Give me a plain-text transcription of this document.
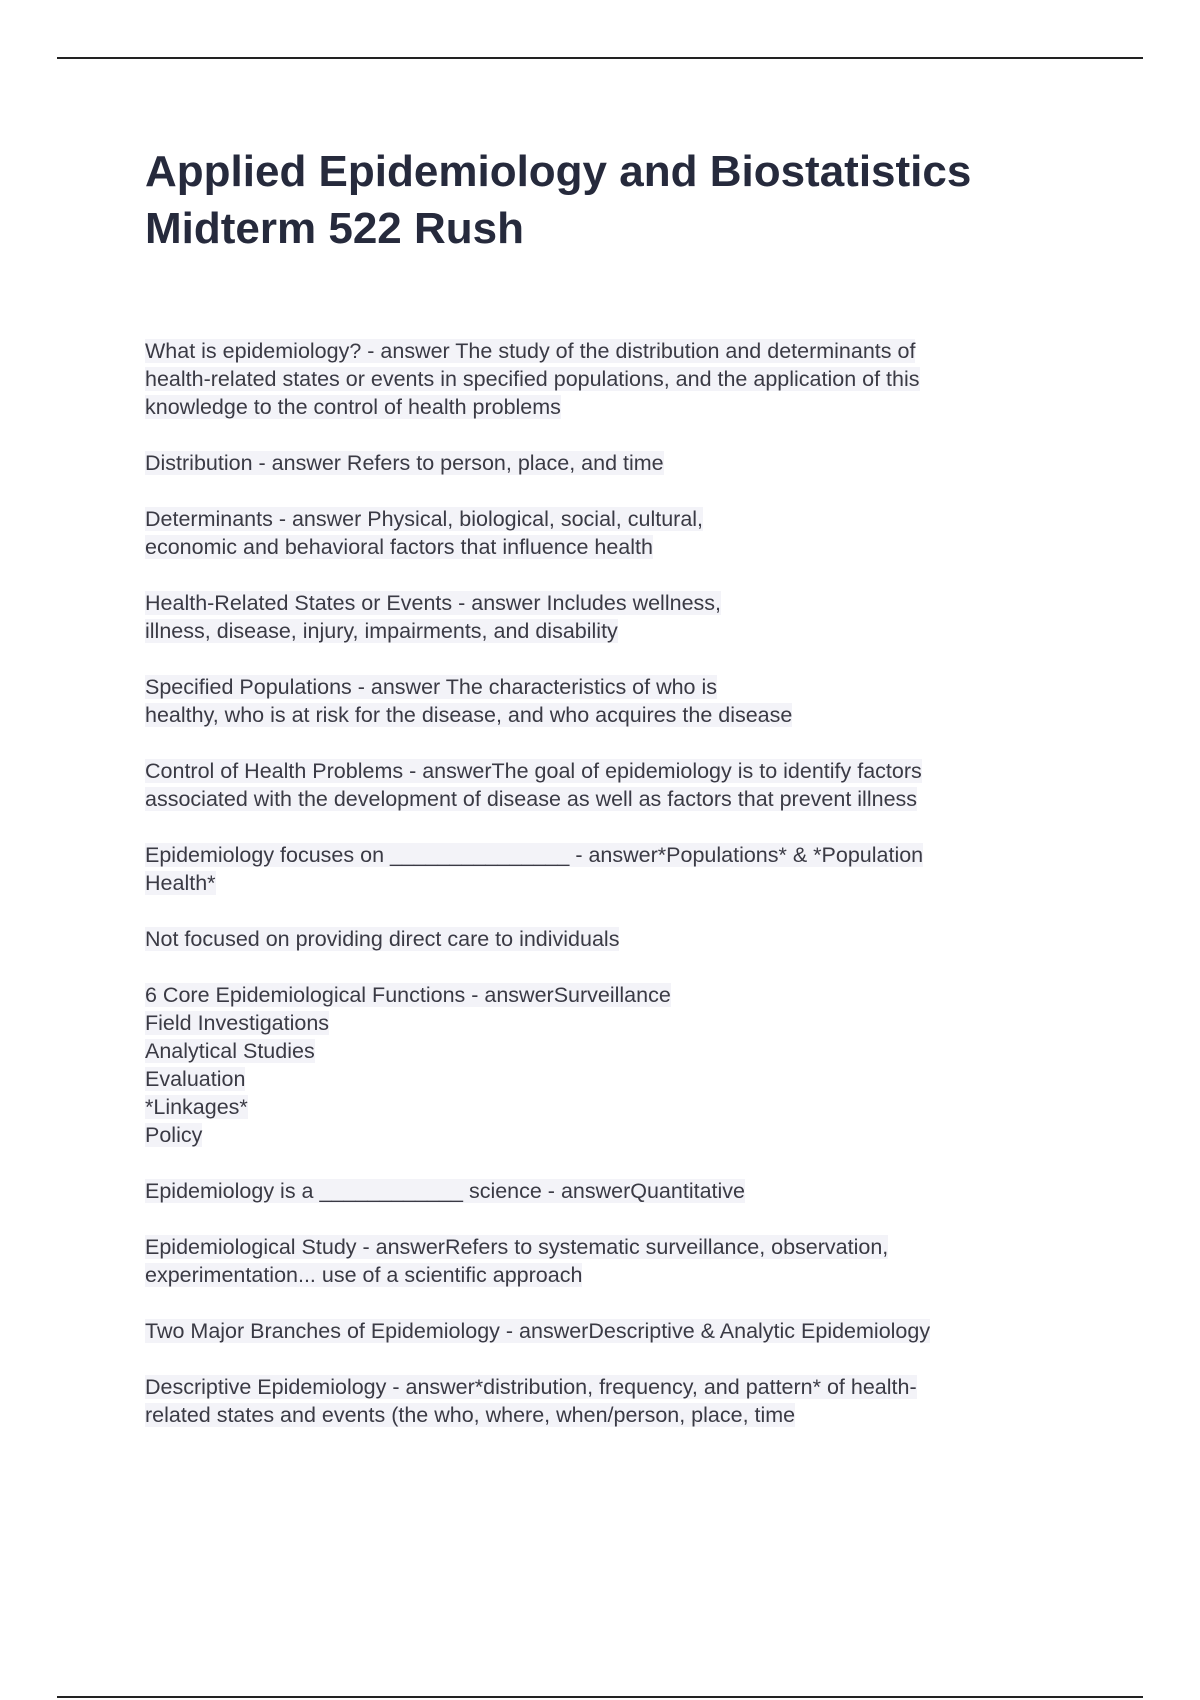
Applied Epidemiology and Biostatistics
Midterm 522 Rush
What is epidemiology? - answer The study of the distribution and determinants of
health-related states or events in specified populations, and the application of this
knowledge to the control of health problems
Distribution - answer Refers to person, place, and time
Determinants - answer Physical, biological, social, cultural,
economic and behavioral factors that influence health
Health-Related States or Events - answer Includes wellness,
illness, disease, injury, impairments, and disability
Specified Populations - answer The characteristics of who is
healthy, who is at risk for the disease, and who acquires the disease
Control of Health Problems - answerThe goal of epidemiology is to identify factors
associated with the development of disease as well as factors that prevent illness
Epidemiology focuses on _______________ - answer*Populations* & *Population
Health*
Not focused on providing direct care to individuals
6 Core Epidemiological Functions - answerSurveillance
Field Investigations
Analytical Studies
Evaluation
*Linkages*
Policy
Epidemiology is a ____________ science - answerQuantitative
Epidemiological Study - answerRefers to systematic surveillance, observation,
experimentation... use of a scientific approach
Two Major Branches of Epidemiology - answerDescriptive & Analytic Epidemiology
Descriptive Epidemiology - answer*distribution, frequency, and pattern* of health-
related states and events (the who, where, when/person, place, time
